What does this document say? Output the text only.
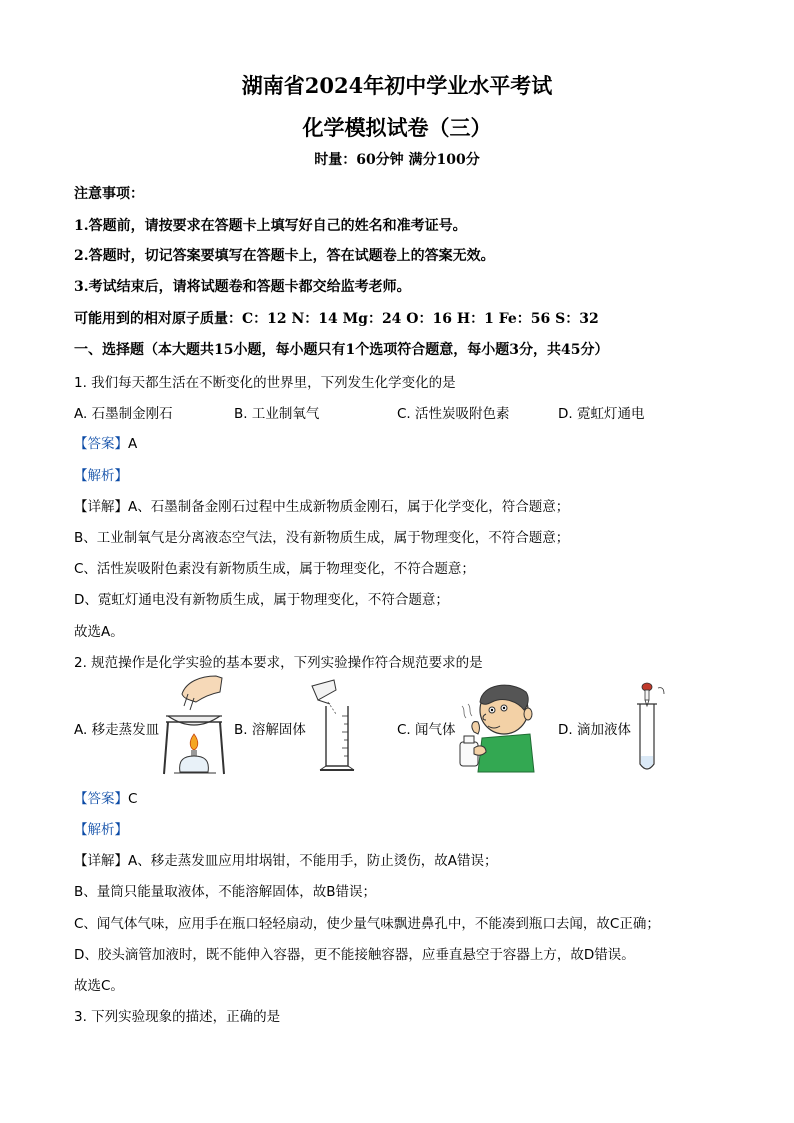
湖南省2024年初中学业水平考试
化学模拟试卷（三）
时量：60分钟 满分100分
注意事项：
1.答题前，请按要求在答题卡上填写好自己的姓名和准考证号。
2.答题时，切记答案要填写在答题卡上，答在试题卷上的答案无效。
3.考试结束后，请将试题卷和答题卡都交给监考老师。
可能用到的相对原子质量：C：12 N：14 Mg：24 O：16 H：1 Fe：56 S：32
一、选择题（本大题共15小题，每小题只有1个选项符合题意，每小题3分，共45分）
1. 我们每天都生活在不断变化的世界里，下列发生化学变化的是
A. 石墨制金刚石	B. 工业制氧气	C. 活性炭吸附色素	D. 霓虹灯通电
【答案】A
【解析】
【详解】A、石墨制备金刚石过程中生成新物质金刚石，属于化学变化，符合题意；
B、工业制氧气是分离液态空气法，没有新物质生成，属于物理变化，不符合题意；
C、活性炭吸附色素没有新物质生成，属于物理变化，不符合题意；
D、霓虹灯通电没有新物质生成，属于物理变化，不符合题意；
故选A。
2. 规范操作是化学实验的基本要求，下列实验操作符合规范要求的是
A. 移走蒸发皿	B. 溶解固体	C. 闻气体	D. 滴加液体
【答案】C
【解析】
【详解】A、移走蒸发皿应用坩埚钳，不能用手，防止烫伤，故A错误；
B、量筒只能量取液体，不能溶解固体，故B错误；
C、闻气体气味，应用手在瓶口轻轻扇动，使少量气味飘进鼻孔中，不能凑到瓶口去闻，故C正确；
D、胶头滴管加液时，既不能伸入容器，更不能接触容器，应垂直悬空于容器上方，故D错误。
故选C。
3. 下列实验现象的描述，正确的是
